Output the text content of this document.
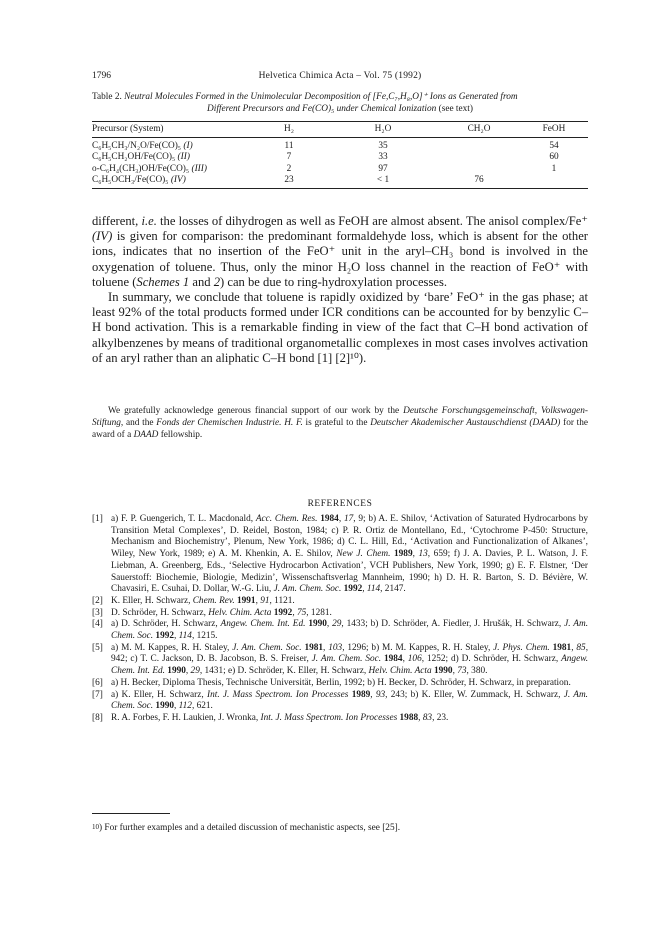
1796	Helvetica Chimica Acta – Vol. 75 (1992)
Table 2. Neutral Molecules Formed in the Unimolecular Decomposition of [Fe,C₇,H₈,O]⁺ Ions as Generated from
Different Precursors and Fe(CO)₅ under Chemical Ionization (see text)
Precursor (System)	H₂	H₂O	CH₂O	FeOH
C₆H₅CH₃/N₂O/Fe(CO)₅ (I)	11	35		54
C₆H₅CH₂OH/Fe(CO)₅ (II)	7	33		60
o-C₆H₄(CH₃)OH/Fe(CO)₅ (III)	2	97		1
C₆H₅OCH₃/Fe(CO)₅ (IV)	23	< 1	76	

different, i.e. the losses of dihydrogen as well as FeOH are almost absent. The anisol complex/Fe⁺ (IV) is given for comparison: the predominant formaldehyde loss, which is absent for the other ions, indicates that no insertion of the FeO⁺ unit in the aryl–CH₃ bond is involved in the oxygenation of toluene. Thus, only the minor H₂O loss channel in the reaction of FeO⁺ with toluene (Schemes 1 and 2) can be due to ring-hydroxylation processes.

In summary, we conclude that toluene is rapidly oxidized by ‘bare’ FeO⁺ in the gas phase; at least 92% of the total products formed under ICR conditions can be accounted for by benzylic C–H bond activation. This is a remarkable finding in view of the fact that C–H bond activation of alkylbenzenes by means of traditional organometallic complexes in most cases involves activation of an aryl rather than an aliphatic C–H bond [1] [2]¹⁰).

We gratefully acknowledge generous financial support of our work by the Deutsche Forschungsgemeinschaft, Volkswagen-Stiftung, and the Fonds der Chemischen Industrie. H. F. is grateful to the Deutscher Akademischer Austauschdienst (DAAD) for the award of a DAAD fellowship.
REFERENCES
[1] a) F. P. Guengerich, T. L. Macdonald, Acc. Chem. Res. 1984, 17, 9; b) A. E. Shilov, ‘Activation of Saturated Hydrocarbons by Transition Metal Complexes’, D. Reidel, Boston, 1984; c) P. R. Ortiz de Montellano, Ed., ‘Cytochrome P-450: Structure, Mechanism and Biochemistry’, Plenum, New York, 1986; d) C. L. Hill, Ed., ‘Activation and Functionalization of Alkanes’, Wiley, New York, 1989; e) A. M. Khenkin, A. E. Shilov, New J. Chem. 1989, 13, 659; f) J. A. Davies, P. L. Watson, J. F. Liebman, A. Greenberg, Eds., ‘Selective Hydrocarbon Activation’, VCH Publishers, New York, 1990; g) E. F. Elstner, ‘Der Sauerstoff: Biochemie, Biologie, Medizin’, Wissenschaftsverlag Mannheim, 1990; h) D. H. R. Barton, S. D. Bévière, W. Chavasiri, E. Csuhai, D. Dollar, W.-G. Liu, J. Am. Chem. Soc. 1992, 114, 2147.
[2] K. Eller, H. Schwarz, Chem. Rev. 1991, 91, 1121.
[3] D. Schröder, H. Schwarz, Helv. Chim. Acta 1992, 75, 1281.
[4] a) D. Schröder, H. Schwarz, Angew. Chem. Int. Ed. 1990, 29, 1433; b) D. Schröder, A. Fiedler, J. Hrušák, H. Schwarz, J. Am. Chem. Soc. 1992, 114, 1215.
[5] a) M. M. Kappes, R. H. Staley, J. Am. Chem. Soc. 1981, 103, 1296; b) M. M. Kappes, R. H. Staley, J. Phys. Chem. 1981, 85, 942; c) T. C. Jackson, D. B. Jacobson, B. S. Freiser, J. Am. Chem. Soc. 1984, 106, 1252; d) D. Schröder, H. Schwarz, Angew. Chem. Int. Ed. 1990, 29, 1431; e) D. Schröder, K. Eller, H. Schwarz, Helv. Chim. Acta 1990, 73, 380.
[6] a) H. Becker, Diploma Thesis, Technische Universität, Berlin, 1992; b) H. Becker, D. Schröder, H. Schwarz, in preparation.
[7] a) K. Eller, H. Schwarz, Int. J. Mass Spectrom. Ion Processes 1989, 93, 243; b) K. Eller, W. Zummack, H. Schwarz, J. Am. Chem. Soc. 1990, 112, 621.
[8] R. A. Forbes, F. H. Laukien, J. Wronka, Int. J. Mass Spectrom. Ion Processes 1988, 83, 23.
$^{10}$) For further examples and a detailed discussion of mechanistic aspects, see [25].
